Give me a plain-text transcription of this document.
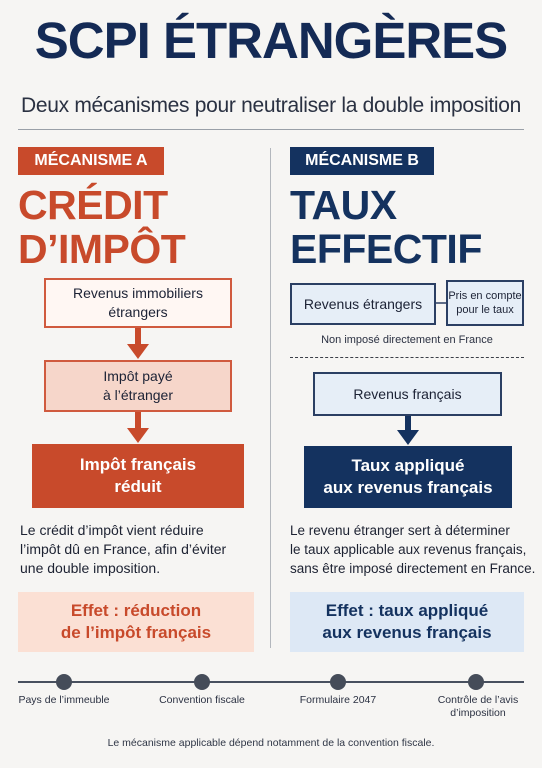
SCPI ÉTRANGÈRES
Deux mécanismes pour neutraliser la double imposition
MÉCANISME A
CRÉDIT
D’IMPÔT
Revenus immobiliers
étrangers
Impôt payé
à l’étranger
Impôt français
réduit
Le crédit d’impôt vient réduire
l’impôt dû en France, afin d’éviter
une double imposition.
Effet : réduction
de l’impôt français
MÉCANISME B
TAUX
EFFECTIF
Revenus étrangers	Pris en compte
pour le taux
Non imposé directement en France
Revenus français
Taux appliqué
aux revenus français
Le revenu étranger sert à déterminer
le taux applicable aux revenus français,
sans être imposé directement en France.
Effet : taux appliqué
aux revenus français
Pays de l’immeuble	Convention fiscale	Formulaire 2047	Contrôle de l’avis
d’imposition
Le mécanisme applicable dépend notamment de la convention fiscale.
